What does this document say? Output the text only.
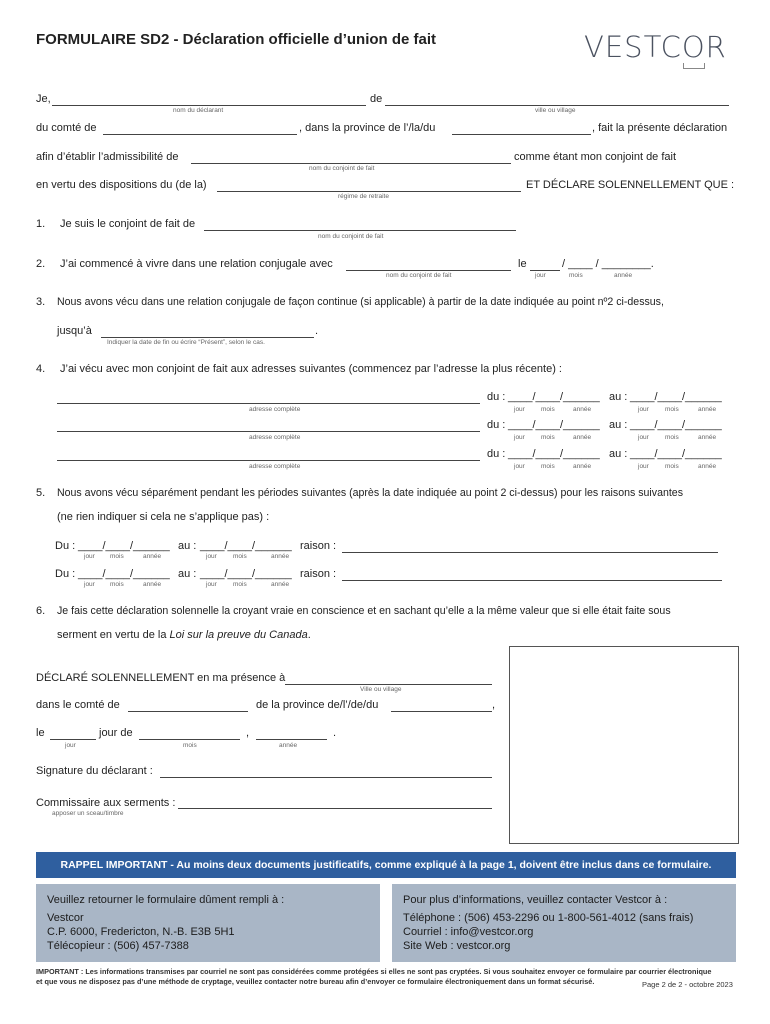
FORMULAIRE SD2 - Déclaration officielle d’union de fait	VESTCOR
Je,	de
nom du déclarant	ville ou village
du comté de	, dans la province de l’/la/du	, fait la présente déclaration
afin d’établir l’admissibilité de	comme étant mon conjoint de fait
nom du conjoint de fait
en vertu des dispositions du (de la)	ET DÉCLARE SOLENNELLEMENT QUE :
régime de retraite
1. Je suis le conjoint de fait de
nom du conjoint de fait
2. J’ai commencé à vivre dans une relation conjugale avec	le	/ ____ / ________.
nom du conjoint de fait	jour	mois	année
3. Nous avons vécu dans une relation conjugale de façon continue (si applicable) à partir de la date indiquée au point nº2 ci-dessus,
jusqu’à	.
Indiquer la date de fin ou écrire “Présent”, selon le cas.
4. J’ai vécu avec mon conjoint de fait aux adresses suivantes (commencez par l’adresse la plus récente) :
du : ____/____/______ au : ____/____/______
adresse complète	jour mois	année	jour mois	année
du : ____/____/______ au : ____/____/______
adresse complète	jour mois	année	jour mois	année
du : ____/____/______ au : ____/____/______
adresse complète	jour mois	année	jour mois	année
5. Nous avons vécu séparément pendant les périodes suivantes (après la date indiquée au point 2 ci-dessus) pour les raisons suivantes
(ne rien indiquer si cela ne s’applique pas) :
Du : ____/____/______ au : ____/____/______ raison :
jour mois	année	jour mois	année
Du : ____/____/______ au : ____/____/______ raison :
jour mois	année	jour mois	année
6. Je fais cette déclaration solennelle la croyant vraie en conscience et en sachant qu’elle a la même valeur que si elle était faite sous
serment en vertu de la Loi sur la preuve du Canada.
DÉCLARÉ SOLENNELLEMENT en ma présence à
Ville ou village
dans le comté de	de la province de/l’/de/du	,
le	jour de	,	.
jour	mois	année
Signature du déclarant :
Commissaire aux serments :
apposer un sceau/timbre
RAPPEL IMPORTANT - Au moins deux documents justificatifs, comme expliqué à la page 1, doivent être inclus dans ce formulaire.
Veuillez retourner le formulaire dûment rempli à :
Vestcor
C.P. 6000, Fredericton, N.-B. E3B 5H1
Télécopieur : (506) 457-7388
Pour plus d’informations, veuillez contacter Vestcor à :
Téléphone : (506) 453-2296 ou 1-800-561-4012 (sans frais)
Courriel : info@vestcor.org
Site Web : vestcor.org
IMPORTANT : Les informations transmises par courriel ne sont pas considérées comme protégées si elles ne sont pas cryptées. Si vous souhaitez envoyer ce formulaire par courrier électronique
et que vous ne disposez pas d’une méthode de cryptage, veuillez contacter notre bureau afin d’envoyer ce formulaire électroniquement dans un format sécurisé.	Page 2 de 2 - octobre 2023
